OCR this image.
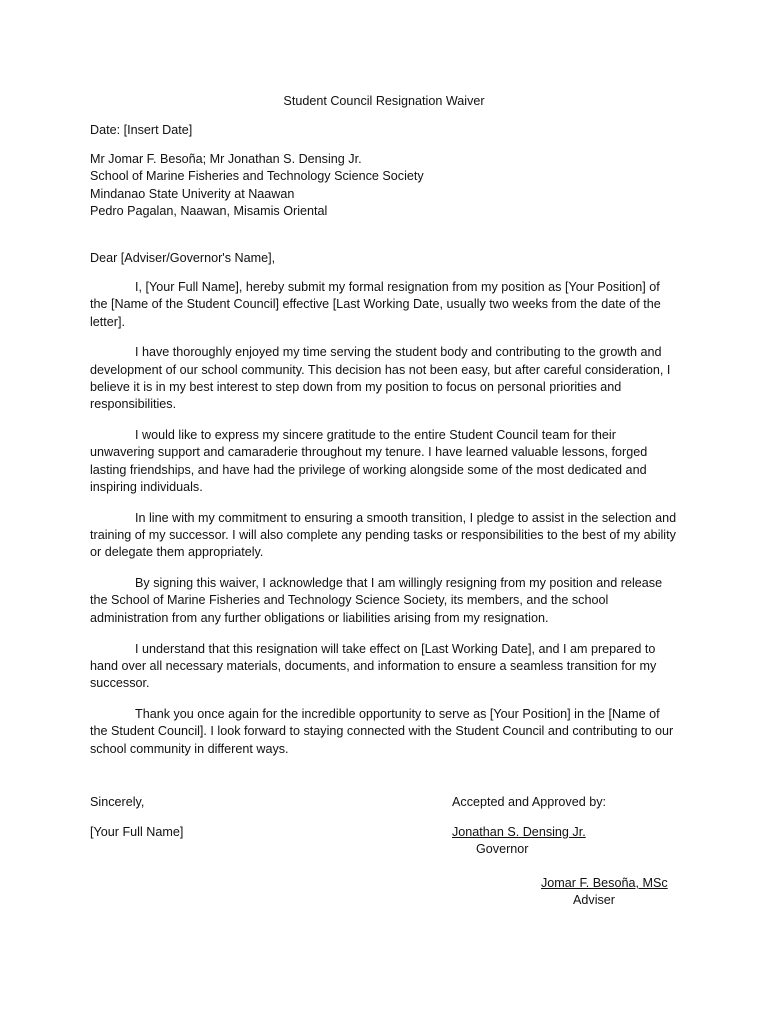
Student Council Resignation Waiver
Date: [Insert Date]
Mr Jomar F. Besoña; Mr Jonathan S. Densing Jr.
School of Marine Fisheries and Technology Science Society
Mindanao State Univerity at Naawan
Pedro Pagalan, Naawan, Misamis Oriental
Dear [Adviser/Governor's Name],

I, [Your Full Name], hereby submit my formal resignation from my position as [Your Position] of the [Name of the Student Council] effective [Last Working Date, usually two weeks from the date of the letter].

I have thoroughly enjoyed my time serving the student body and contributing to the growth and development of our school community. This decision has not been easy, but after careful consideration, I believe it is in my best interest to step down from my position to focus on personal priorities and responsibilities.

I would like to express my sincere gratitude to the entire Student Council team for their unwavering support and camaraderie throughout my tenure. I have learned valuable lessons, forged lasting friendships, and have had the privilege of working alongside some of the most dedicated and inspiring individuals.

In line with my commitment to ensuring a smooth transition, I pledge to assist in the selection and training of my successor. I will also complete any pending tasks or responsibilities to the best of my ability or delegate them appropriately.

By signing this waiver, I acknowledge that I am willingly resigning from my position and release the School of Marine Fisheries and Technology Science Society, its members, and the school administration from any further obligations or liabilities arising from my resignation.

I understand that this resignation will take effect on [Last Working Date], and I am prepared to hand over all necessary materials, documents, and information to ensure a seamless transition for my successor.

Thank you once again for the incredible opportunity to serve as [Your Position] in the [Name of the Student Council]. I look forward to staying connected with the Student Council and contributing to our school community in different ways.

Sincerely,
[Your Full Name]
Accepted and Approved by:
Jonathan S. Densing Jr.
Governor
Jomar F. Besoña, MSc
Adviser
